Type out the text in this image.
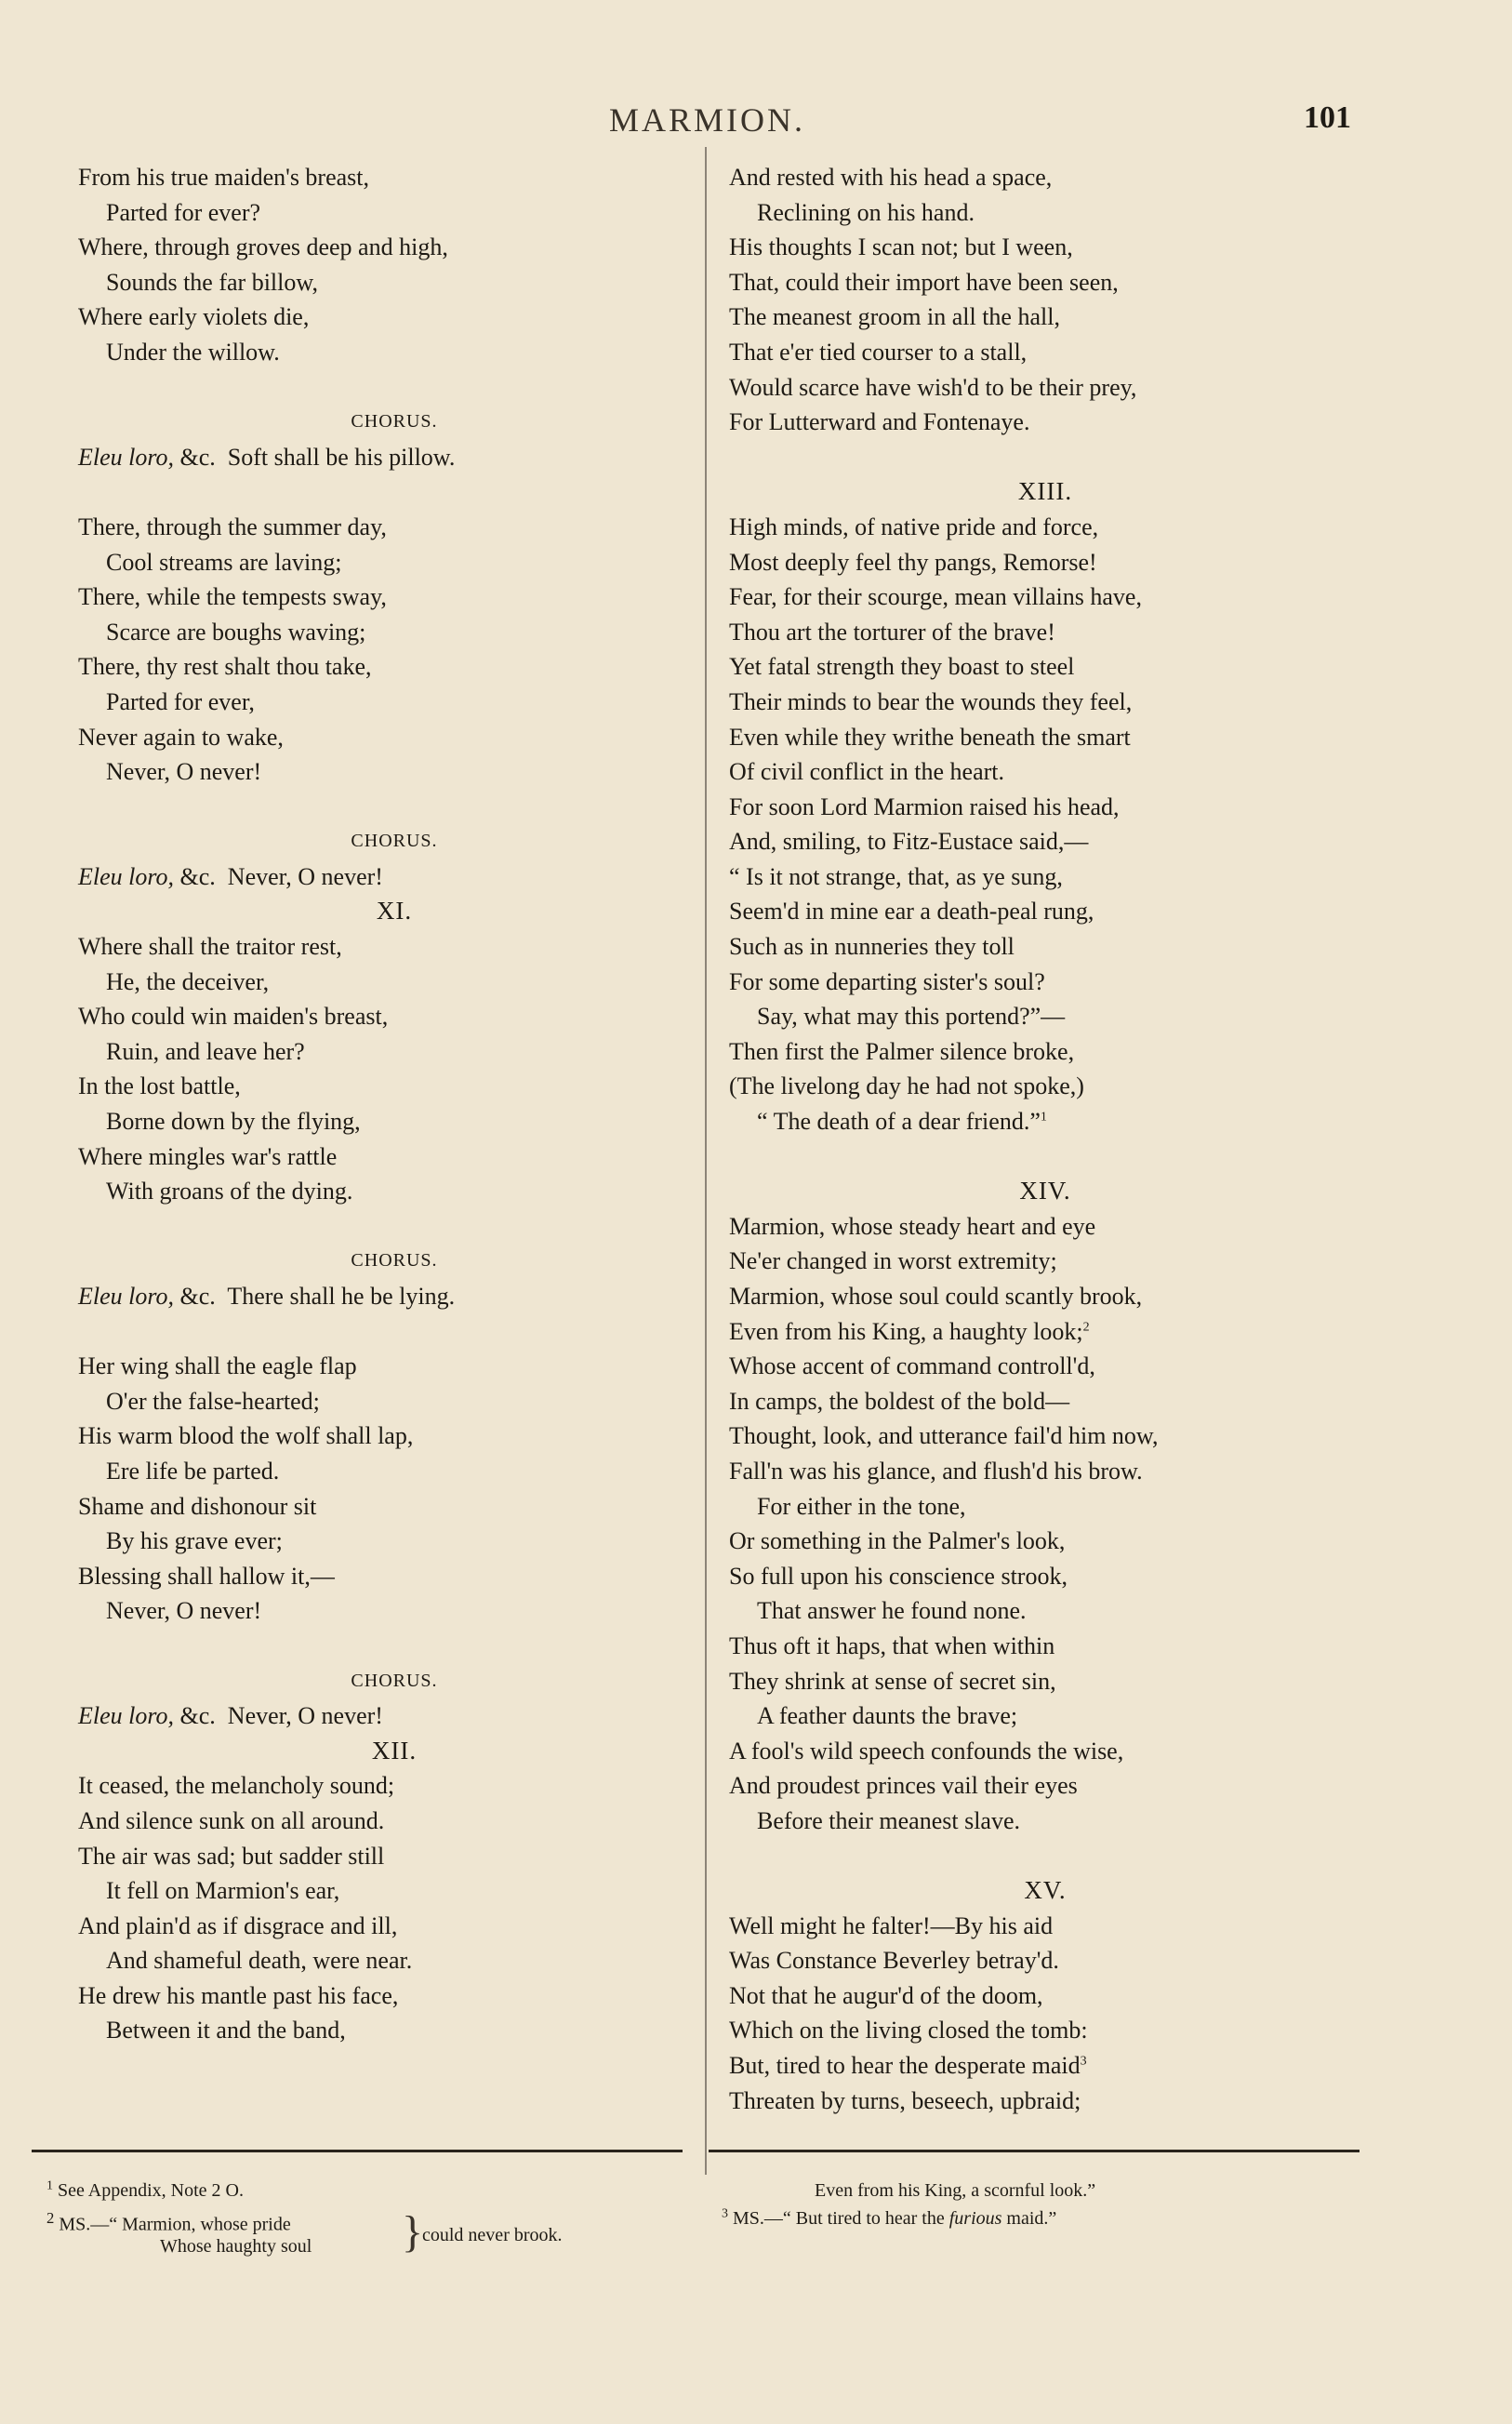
MARMION.	101
From his true maiden's breast,
Parted for ever?
Where, through groves deep and high,
Sounds the far billow,
Where early violets die,
Under the willow.
CHORUS.
Eleu loro, &c.  Soft shall be his pillow.
There, through the summer day,
Cool streams are laving;
There, while the tempests sway,
Scarce are boughs waving;
There, thy rest shalt thou take,
Parted for ever,
Never again to wake,
Never, O never!
CHORUS.
Eleu loro, &c.  Never, O never!
XI.
Where shall the traitor rest,
He, the deceiver,
Who could win maiden's breast,
Ruin, and leave her?
In the lost battle,
Borne down by the flying,
Where mingles war's rattle
With groans of the dying.
CHORUS.
Eleu loro, &c.  There shall he be lying.
Her wing shall the eagle flap
O'er the false-hearted;
His warm blood the wolf shall lap,
Ere life be parted.
Shame and dishonour sit
By his grave ever;
Blessing shall hallow it,—
Never, O never!
CHORUS.
Eleu loro, &c.  Never, O never!
XII.
It ceased, the melancholy sound;
And silence sunk on all around.
The air was sad; but sadder still
It fell on Marmion's ear,
And plain'd as if disgrace and ill,
And shameful death, were near.
He drew his mantle past his face,
Between it and the band,
And rested with his head a space,
Reclining on his hand.
His thoughts I scan not; but I ween,
That, could their import have been seen,
The meanest groom in all the hall,
That e'er tied courser to a stall,
Would scarce have wish'd to be their prey,
For Lutterward and Fontenaye.
XIII.
High minds, of native pride and force,
Most deeply feel thy pangs, Remorse!
Fear, for their scourge, mean villains have,
Thou art the torturer of the brave!
Yet fatal strength they boast to steel
Their minds to bear the wounds they feel,
Even while they writhe beneath the smart
Of civil conflict in the heart.
For soon Lord Marmion raised his head,
And, smiling, to Fitz-Eustace said,—
“ Is it not strange, that, as ye sung,
Seem'd in mine ear a death-peal rung,
Such as in nunneries they toll
For some departing sister's soul?
Say, what may this portend?”—
Then first the Palmer silence broke,
(The livelong day he had not spoke,)
“ The death of a dear friend.”$^1$
XIV.
Marmion, whose steady heart and eye
Ne'er changed in worst extremity;
Marmion, whose soul could scantly brook,
Even from his King, a haughty look;$^2$
Whose accent of command controll'd,
In camps, the boldest of the bold—
Thought, look, and utterance fail'd him now,
Fall'n was his glance, and flush'd his brow.
For either in the tone,
Or something in the Palmer's look,
So full upon his conscience strook,
That answer he found none.
Thus oft it haps, that when within
They shrink at sense of secret sin,
A feather daunts the brave;
A fool's wild speech confounds the wise,
And proudest princes vail their eyes
Before their meanest slave.
XV.
Well might he falter!—By his aid
Was Constance Beverley betray'd.
Not that he augur'd of the doom,
Which on the living closed the tomb:
But, tired to hear the desperate maid$^3$
Threaten by turns, beseech, upbraid;
$^1$ See Appendix, Note 2 O.
$^2$ MS.—“ Marmion, whose pride
Whose haughty soul }
could never brook.
Even from his King, a scornful look.”
$^3$ MS.—“ But tired to hear the furious maid.”
